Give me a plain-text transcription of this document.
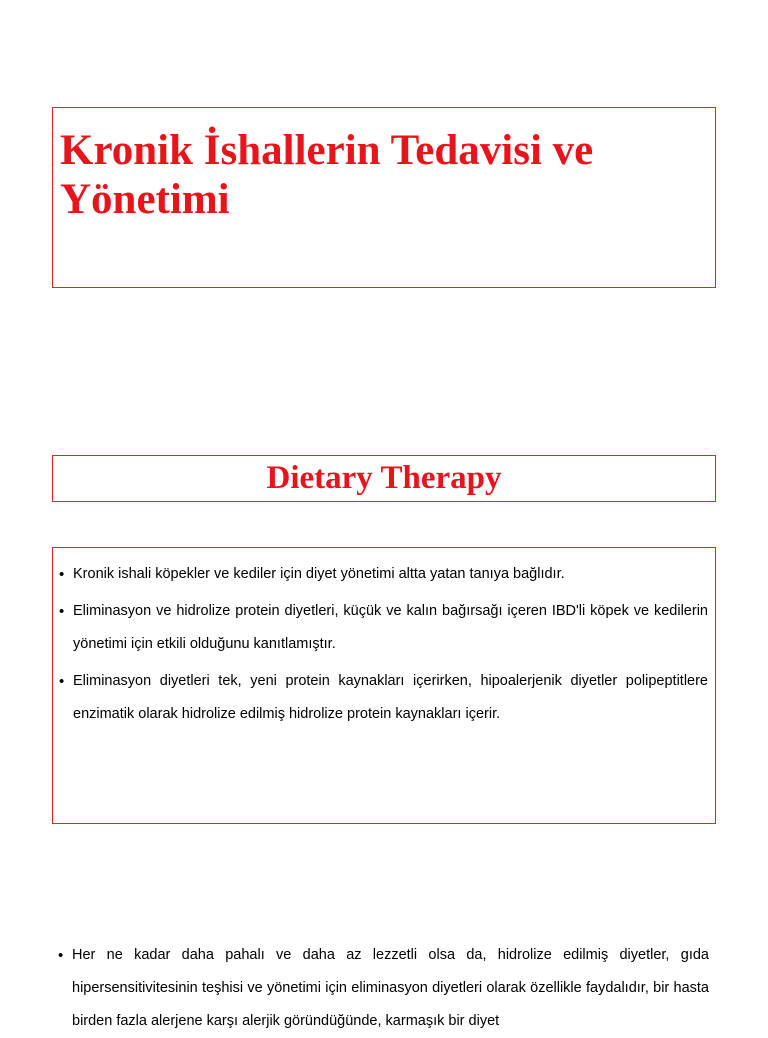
Kronik İshallerin Tedavisi ve Yönetimi
Dietary Therapy
• Kronik ishali köpekler ve kediler için diyet yönetimi altta yatan tanıya bağlıdır.
• Eliminasyon ve hidrolize protein diyetleri, küçük ve kalın bağırsağı içeren IBD'li köpek ve kedilerin yönetimi için etkili olduğunu kanıtlamıştır.
• Eliminasyon diyetleri tek, yeni protein kaynakları içerirken, hipoalerjenik diyetler polipeptitlere enzimatik olarak hidrolize edilmiş hidrolize protein kaynakları içerir.
• Her ne kadar daha pahalı ve daha az lezzetli olsa da, hidrolize edilmiş diyetler, gıda hipersensitivitesinin teşhisi ve yönetimi için eliminasyon diyetleri olarak özellikle faydalıdır, bir hasta birden fazla alerjene karşı alerjik göründüğünde, karmaşık bir diyet
